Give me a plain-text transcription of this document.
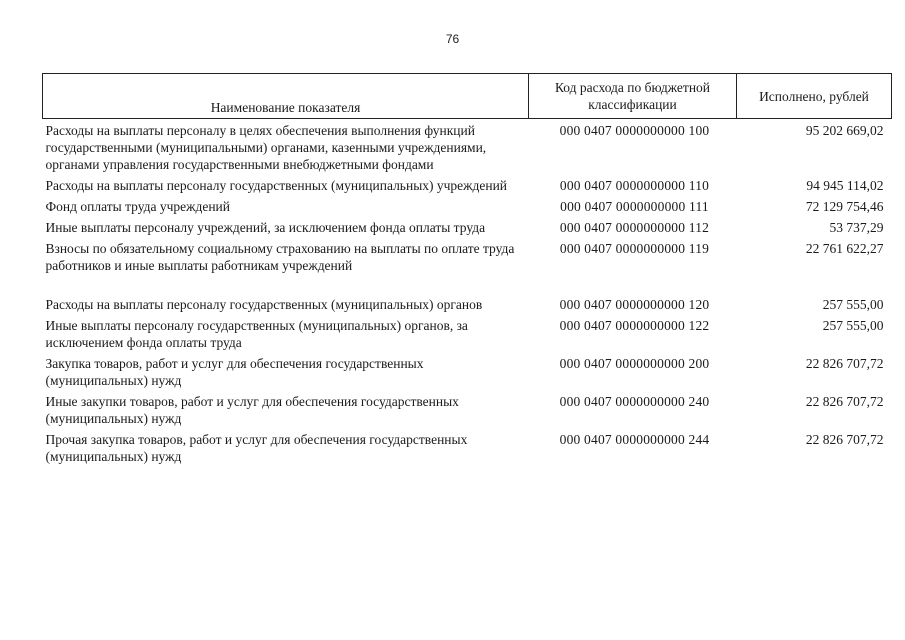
76
Наименование показателя	Код расхода по бюджетной классификации	Исполнено, рублей
Расходы на выплаты персоналу в целях обеспечения выполнения функций государственными (муниципальными) органами, казенными учреждениями, органами управления государственными внебюджетными фондами	000 0407 0000000000 100	95 202 669,02
Расходы на выплаты персоналу государственных (муниципальных) учреждений	000 0407 0000000000 110	94 945 114,02
Фонд оплаты труда учреждений	000 0407 0000000000 111	72 129 754,46
Иные выплаты персоналу учреждений, за исключением фонда оплаты труда	000 0407 0000000000 112	53 737,29
Взносы по обязательному социальному страхованию на выплаты по оплате труда работников и иные выплаты работникам учреждений	000 0407 0000000000 119	22 761 622,27
Расходы на выплаты персоналу государственных (муниципальных) органов	000 0407 0000000000 120	257 555,00
Иные выплаты персоналу государственных (муниципальных) органов, за исключением фонда оплаты труда	000 0407 0000000000 122	257 555,00
Закупка товаров, работ и услуг для обеспечения государственных (муниципальных) нужд	000 0407 0000000000 200	22 826 707,72
Иные закупки товаров, работ и услуг для обеспечения государственных (муниципальных) нужд	000 0407 0000000000 240	22 826 707,72
Прочая закупка товаров, работ и услуг для обеспечения государственных (муниципальных) нужд	000 0407 0000000000 244	22 826 707,72
